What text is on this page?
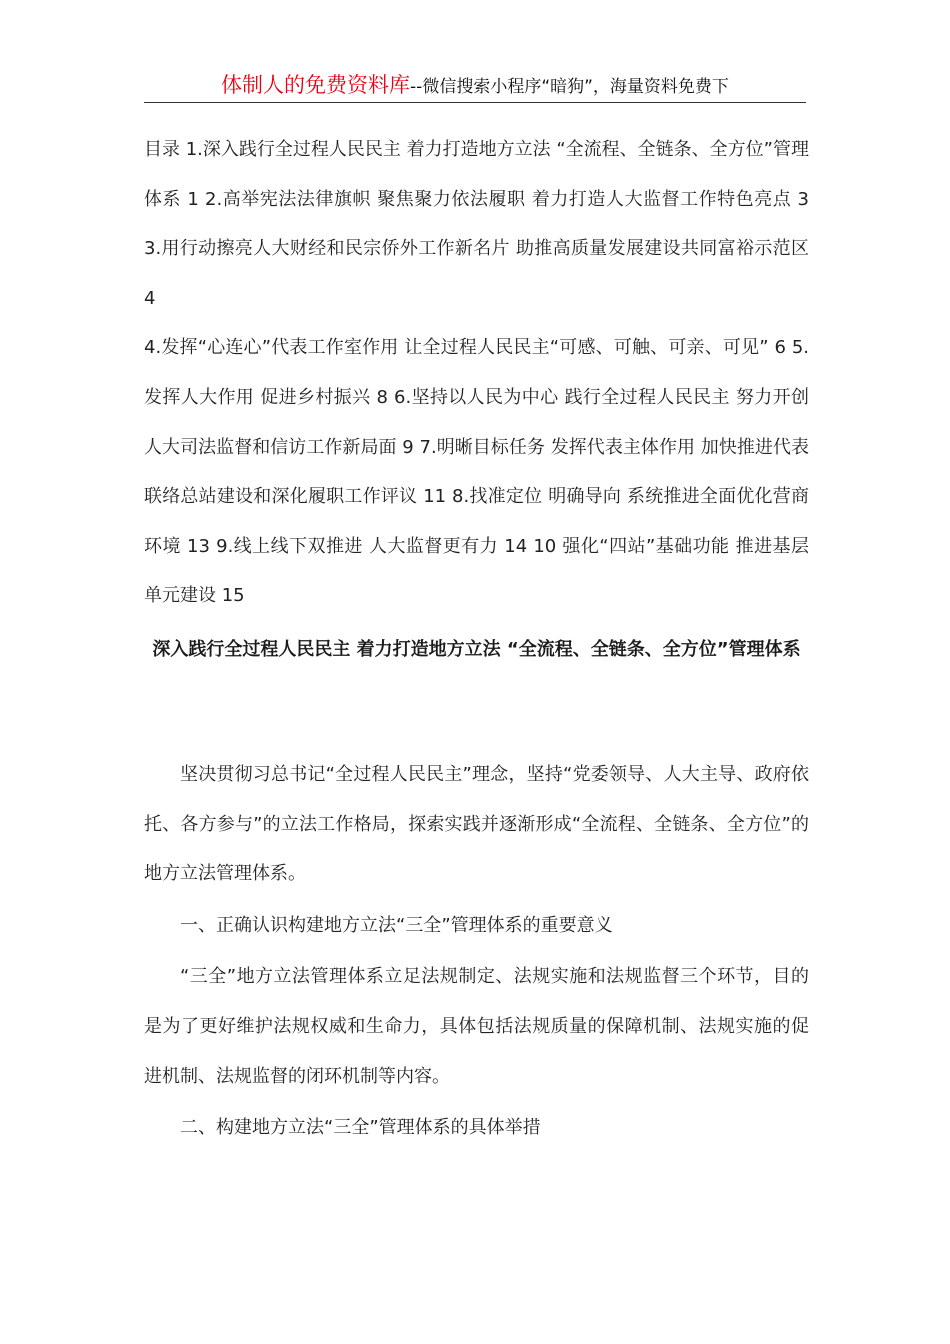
体制人的免费资料库--微信搜索小程序“暗狗”，海量资料免费下

目录 1.深入践行全过程人民民主 着力打造地方立法 “全流程、全链条、全方位”管理体系 1 2.高举宪法法律旗帜 聚焦聚力依法履职 着力打造人大监督工作特色亮点 3 3.用行动擦亮人大财经和民宗侨外工作新名片 助推高质量发展建设共同富裕示范区 4

4.发挥“心连心”代表工作室作用 让全过程人民民主“可感、可触、可亲、可见” 6 5.发挥人大作用 促进乡村振兴 8 6.坚持以人民为中心 践行全过程人民民主 努力开创人大司法监督和信访工作新局面 9 7.明晰目标任务 发挥代表主体作用 加快推进代表联络总站建设和深化履职工作评议 11 8.找准定位 明确导向 系统推进全面优化营商环境 13 9.线上线下双推进 人大监督更有力 14 10 强化“四站”基础功能 推进基层单元建设 15

深入践行全过程人民民主 着力打造地方立法 “全流程、全链条、全方位”管理体系

坚决贯彻习总书记“全过程人民民主”理念，坚持“党委领导、人大主导、政府依托、各方参与”的立法工作格局，探索实践并逐渐形成“全流程、全链条、全方位”的地方立法管理体系。

一、正确认识构建地方立法“三全”管理体系的重要意义

“三全”地方立法管理体系立足法规制定、法规实施和法规监督三个环节，目的是为了更好维护法规权威和生命力，具体包括法规质量的保障机制、法规实施的促进机制、法规监督的闭环机制等内容。

二、构建地方立法“三全”管理体系的具体举措
